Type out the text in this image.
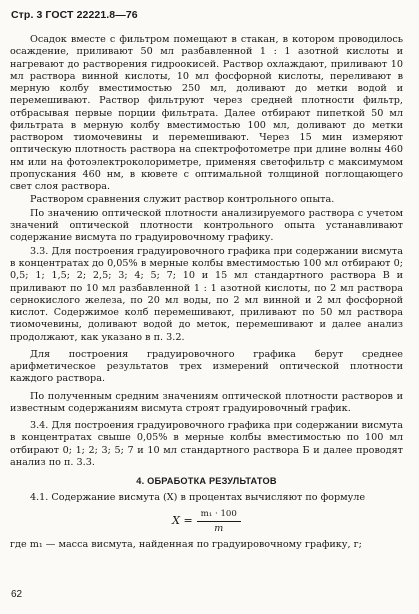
Стр. 3 ГОСТ 22221.8—76

Осадок вместе с фильтром помещают в стакан, в котором проводилось осаждение, приливают 50 мл разбавленной 1 : 1 азотной кислоты и нагревают до растворения гидроокисей. Раствор охлаждают, приливают 10 мл раствора винной кислоты, 10 мл фосфорной кислоты, переливают в мерную колбу вместимостью 250 мл, доливают до метки водой и перемешивают. Раствор фильтруют через средней плотности фильтр, отбрасывая первые порции фильтрата. Далее отбирают пипеткой 50 мл фильтрата в мерную колбу вместимостью 100 мл, доливают до метки раствором тиомочевины и перемешивают. Через 15 мин измеряют оптическую плотность раствора на спектрофотометре при длине волны 460 нм или на фотоэлектроколориметре, применяя светофильтр с максимумом пропускания 460 нм, в кювете с оптимальной толщиной поглощающего свет слоя раствора.

Раствором сравнения служит раствор контрольного опыта.

По значению оптической плотности анализируемого раствора с учетом значений оптической плотности контрольного опыта устанавливают содержание висмута по градуировочному графику.

3.3. Для построения градуировочного графика при содержании висмута в концентратах до 0,05% в мерные колбы вместимостью 100 мл отбирают 0; 0,5; 1; 1,5; 2; 2,5; 3; 4; 5; 7; 10 и 15 мл стандартного раствора В и приливают по 10 мл разбавленной 1 : 1 азотной кислоты, по 2 мл раствора сернокислого железа, по 20 мл воды, по 2 мл винной и 2 мл фосфорной кислот. Содержимое колб перемешивают, приливают по 50 мл раствора тиомочевины, доливают водой до меток, перемешивают и далее анализ продолжают, как указано в п. 3.2.

Для построения градуировочного графика берут среднее арифметическое результатов трех измерений оптической плотности каждого раствора.

По полученным средним значениям оптической плотности растворов и известным содержаниям висмута строят градуировочный график.

3.4. Для построения градуировочного графика при содержании висмута в концентратах свыше 0,05% в мерные колбы вместимостью по 100 мл отбирают 0; 1; 2; 3; 5; 7 и 10 мл стандартного раствора Б и далее проводят анализ по п. 3.3.

4. ОБРАБОТКА РЕЗУЛЬТАТОВ

4.1. Содержание висмута (X) в процентах вычисляют по формуле

$X = \frac{\text{m₁ · 100}}{m}$

где m₁ — масса висмута, найденная по градуировочному графику, г;

62
